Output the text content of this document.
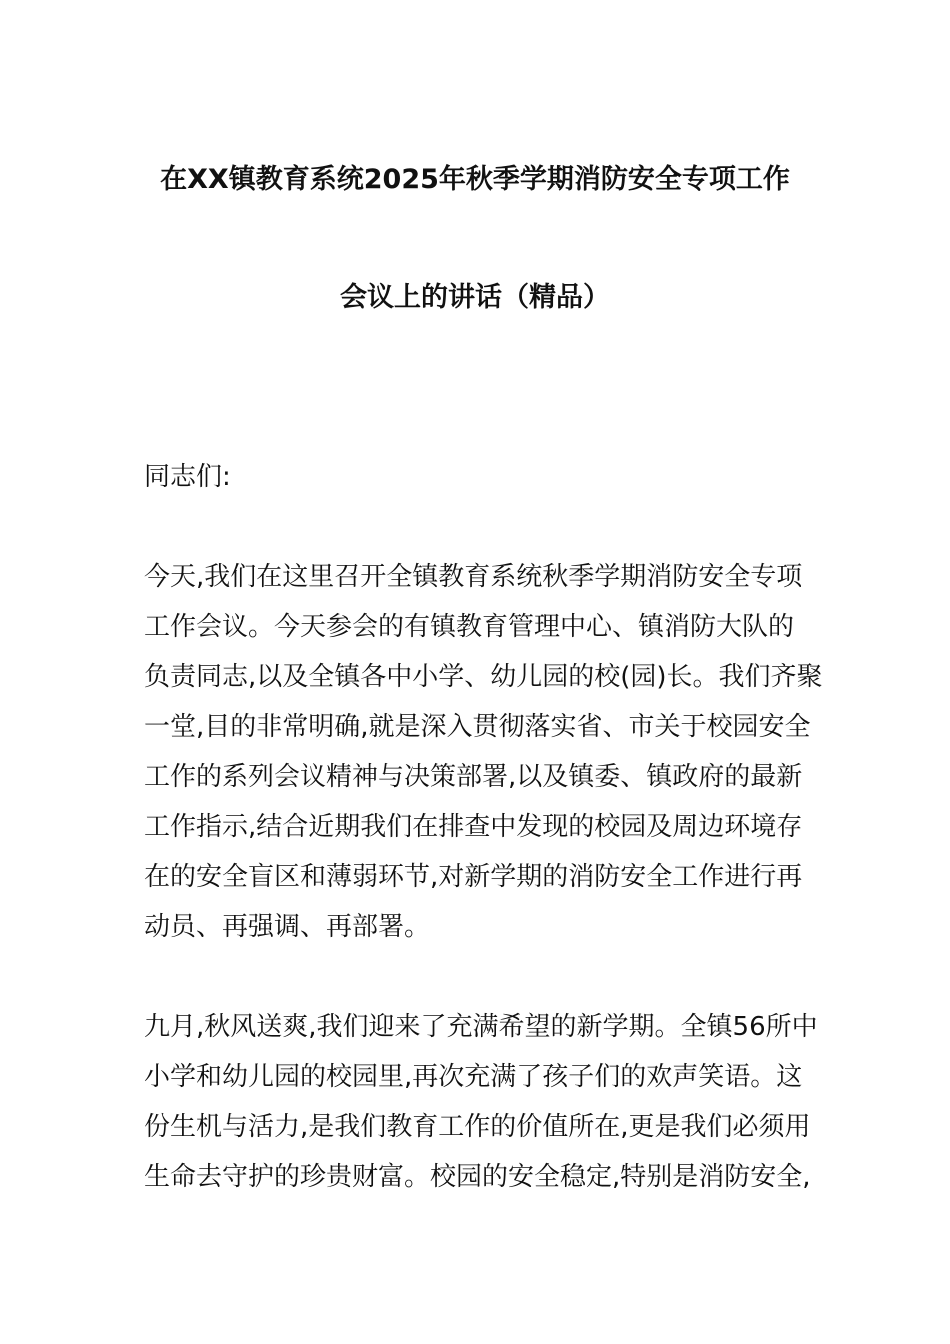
在XX镇教育系统2025年秋季学期消防安全专项工作
会议上的讲话（精品）
同志们:
今天,我们在这里召开全镇教育系统秋季学期消防安全专项
工作会议。今天参会的有镇教育管理中心、镇消防大队的
负责同志,以及全镇各中小学、幼儿园的校(园)长。我们齐聚
一堂,目的非常明确,就是深入贯彻落实省、市关于校园安全
工作的系列会议精神与决策部署,以及镇委、镇政府的最新
工作指示,结合近期我们在排查中发现的校园及周边环境存
在的安全盲区和薄弱环节,对新学期的消防安全工作进行再
动员、再强调、再部署。
九月,秋风送爽,我们迎来了充满希望的新学期。全镇56所中
小学和幼儿园的校园里,再次充满了孩子们的欢声笑语。这
份生机与活力,是我们教育工作的价值所在,更是我们必须用
生命去守护的珍贵财富。校园的安全稳定,特别是消防安全,
